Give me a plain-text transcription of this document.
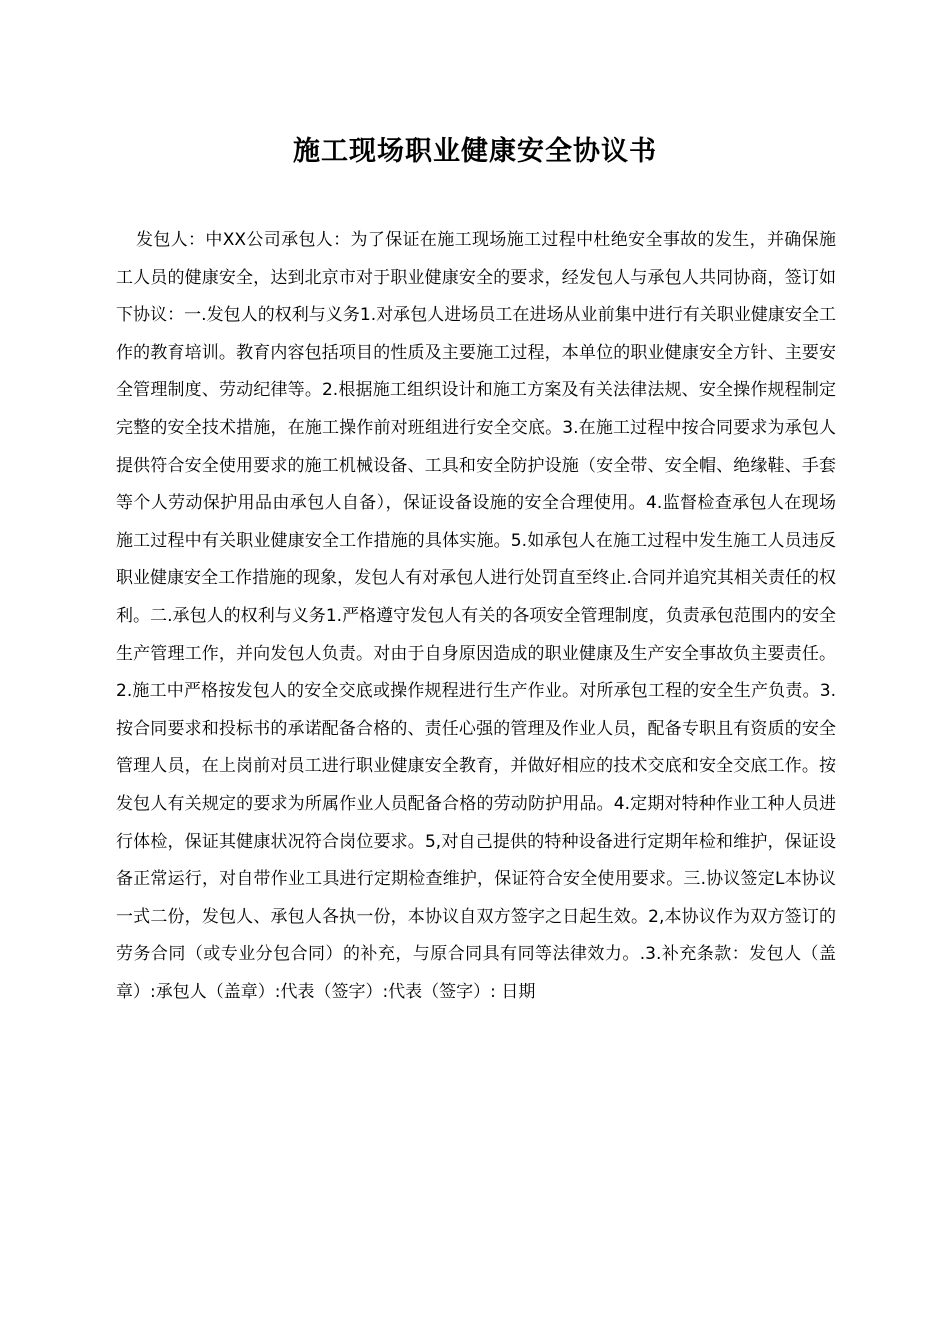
施工现场职业健康安全协议书

发包人：中XX公司承包人：为了保证在施工现场施工过程中杜绝安全事故的发生，并确保施工人员的健康安全，达到北京市对于职业健康安全的要求，经发包人与承包人共同协商，签订如下协议：一.发包人的权利与义务1.对承包人进场员工在进场从业前集中进行有关职业健康安全工作的教育培训。教育内容包括项目的性质及主要施工过程，本单位的职业健康安全方针、主要安全管理制度、劳动纪律等。2.根据施工组织设计和施工方案及有关法律法规、安全操作规程制定完整的安全技术措施，在施工操作前对班组进行安全交底。3.在施工过程中按合同要求为承包人提供符合安全使用要求的施工机械设备、工具和安全防护设施（安全带、安全帽、绝缘鞋、手套等个人劳动保护用品由承包人自备），保证设备设施的安全合理使用。4.监督检查承包人在现场施工过程中有关职业健康安全工作措施的具体实施。5.如承包人在施工过程中发生施工人员违反职业健康安全工作措施的现象，发包人有对承包人进行处罚直至终止.合同并追究其相关责任的权利。二.承包人的权利与义务1.严格遵守发包人有关的各项安全管理制度，负责承包范围内的安全生产管理工作，并向发包人负责。对由于自身原因造成的职业健康及生产安全事故负主要责任。2.施工中严格按发包人的安全交底或操作规程进行生产作业。对所承包工程的安全生产负责。3.按合同要求和投标书的承诺配备合格的、责任心强的管理及作业人员，配备专职且有资质的安全管理人员，在上岗前对员工进行职业健康安全教育，并做好相应的技术交底和安全交底工作。按发包人有关规定的要求为所属作业人员配备合格的劳动防护用品。4.定期对特种作业工种人员进行体检，保证其健康状况符合岗位要求。5,对自己提供的特种设备进行定期年检和维护，保证设备正常运行，对自带作业工具进行定期检查维护，保证符合安全使用要求。三.协议签定L本协议一式二份，发包人、承包人各执一份，本协议自双方签字之日起生效。2,本协议作为双方签订的劳务合同（或专业分包合同）的补充，与原合同具有同等法律效力。.3.补充条款：发包人（盖章）:承包人（盖章）:代表（签字）:代表（签字）: 日期
